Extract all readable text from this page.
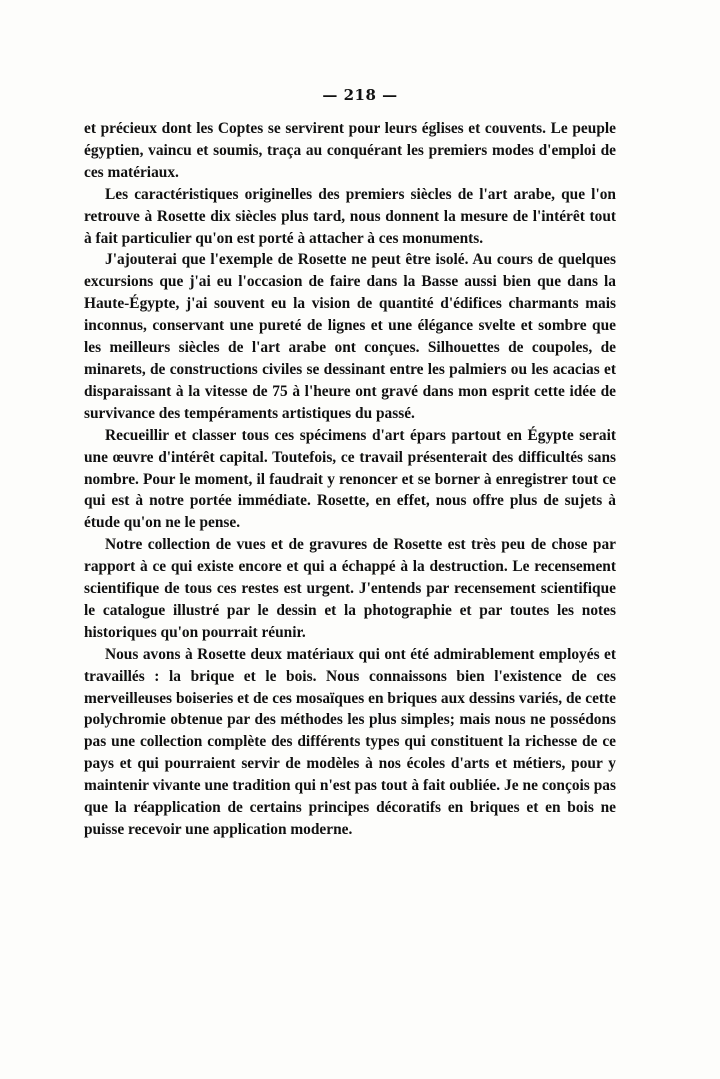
— 218 —

et précieux dont les Coptes se servirent pour leurs églises et couvents. Le peuple égyptien, vaincu et soumis, traça au conquérant les premiers modes d'emploi de ces matériaux.

Les caractéristiques originelles des premiers siècles de l'art arabe, que l'on retrouve à Rosette dix siècles plus tard, nous donnent la mesure de l'intérêt tout à fait particulier qu'on est porté à attacher à ces monuments.

J'ajouterai que l'exemple de Rosette ne peut être isolé. Au cours de quelques excursions que j'ai eu l'occasion de faire dans la Basse aussi bien que dans la Haute-Égypte, j'ai souvent eu la vision de quantité d'édifices charmants mais inconnus, conservant une pureté de lignes et une élégance svelte et sombre que les meilleurs siècles de l'art arabe ont conçues. Silhouettes de coupoles, de minarets, de constructions civiles se dessinant entre les palmiers ou les acacias et disparaissant à la vitesse de 75 à l'heure ont gravé dans mon esprit cette idée de survivance des tempéraments artistiques du passé.

Recueillir et classer tous ces spécimens d'art épars partout en Égypte serait une œuvre d'intérêt capital. Toutefois, ce travail présenterait des difficultés sans nombre. Pour le moment, il faudrait y renoncer et se borner à enregistrer tout ce qui est à notre portée immédiate. Rosette, en effet, nous offre plus de sujets à étude qu'on ne le pense.

Notre collection de vues et de gravures de Rosette est très peu de chose par rapport à ce qui existe encore et qui a échappé à la destruction. Le recensement scientifique de tous ces restes est urgent. J'entends par recensement scientifique le catalogue illustré par le dessin et la photographie et par toutes les notes historiques qu'on pourrait réunir.

Nous avons à Rosette deux matériaux qui ont été admirablement employés et travaillés : la brique et le bois. Nous connaissons bien l'existence de ces merveilleuses boiseries et de ces mosaïques en briques aux dessins variés, de cette polychromie obtenue par des méthodes les plus simples; mais nous ne possédons pas une collection complète des différents types qui constituent la richesse de ce pays et qui pourraient servir de modèles à nos écoles d'arts et métiers, pour y maintenir vivante une tradition qui n'est pas tout à fait oubliée. Je ne conçois pas que la réapplication de certains principes décoratifs en briques et en bois ne puisse recevoir une application moderne.
